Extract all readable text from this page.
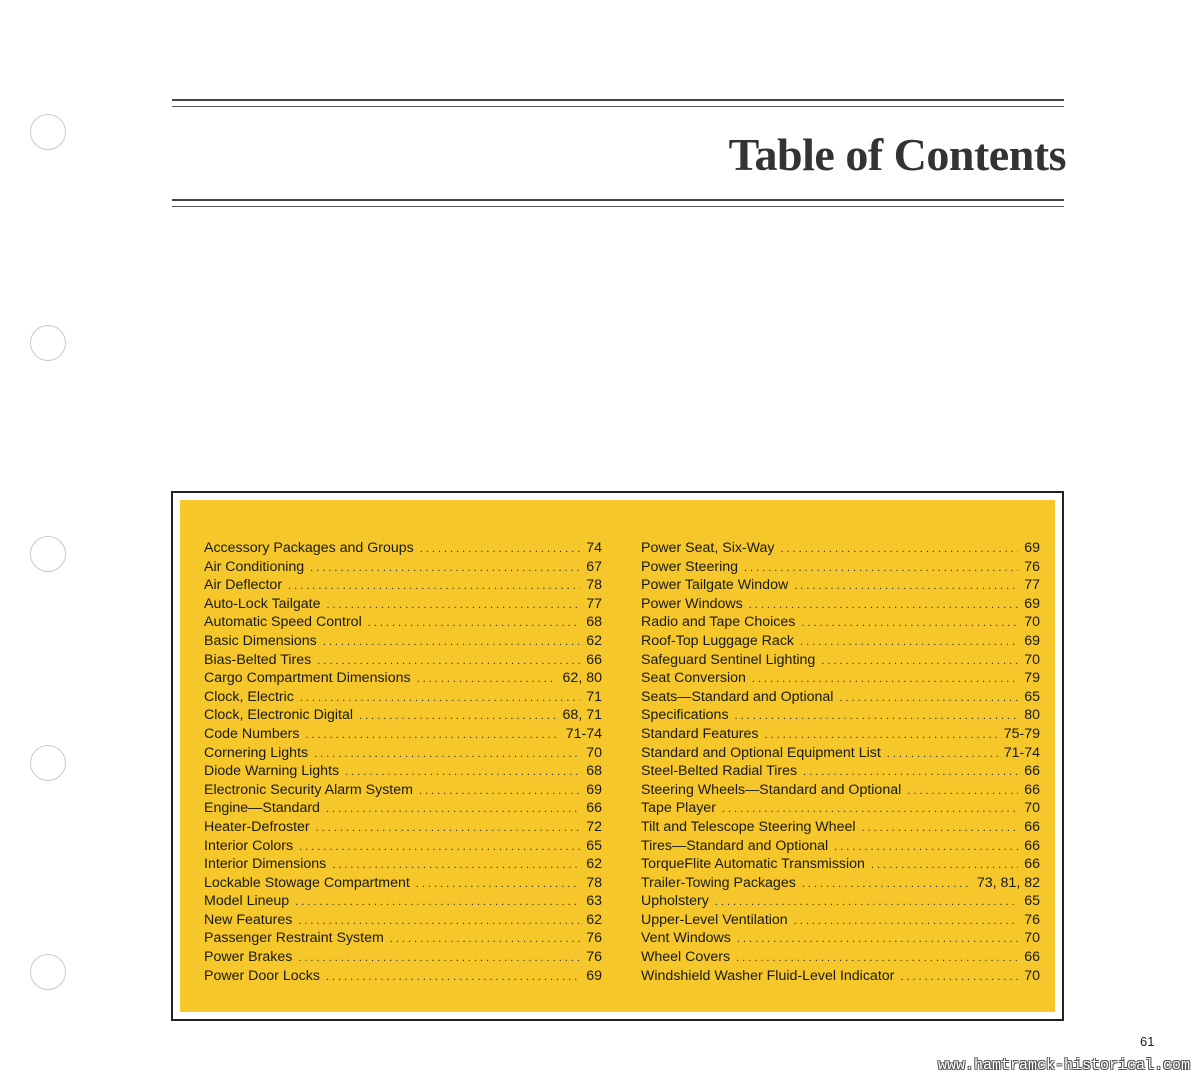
Table of Contents
Accessory Packages and Groups .....	74
Air Conditioning .....	67
Air Deflector .....	78
Auto-Lock Tailgate .....	77
Automatic Speed Control .....	68
Basic Dimensions .....	62
Bias-Belted Tires .....	66
Cargo Compartment Dimensions .....	62, 80
Clock, Electric .....	71
Clock, Electronic Digital .....	68, 71
Code Numbers .....	71-74
Cornering Lights .....	70
Diode Warning Lights .....	68
Electronic Security Alarm System .....	69
Engine—Standard .....	66
Heater-Defroster .....	72
Interior Colors .....	65
Interior Dimensions .....	62
Lockable Stowage Compartment .....	78
Model Lineup .....	63
New Features .....	62
Passenger Restraint System .....	76
Power Brakes .....	76
Power Door Locks .....	69
Power Seat, Six-Way .....	69
Power Steering .....	76
Power Tailgate Window .....	77
Power Windows .....	69
Radio and Tape Choices .....	70
Roof-Top Luggage Rack .....	69
Safeguard Sentinel Lighting .....	70
Seat Conversion .....	79
Seats—Standard and Optional .....	65
Specifications .....	80
Standard Features .....	75-79
Standard and Optional Equipment List .....	71-74
Steel-Belted Radial Tires .....	66
Steering Wheels—Standard and Optional .....	66
Tape Player .....	70
Tilt and Telescope Steering Wheel .....	66
Tires—Standard and Optional .....	66
TorqueFlite Automatic Transmission .....	66
Trailer-Towing Packages .....	73, 81, 82
Upholstery .....	65
Upper-Level Ventilation .....	76
Vent Windows .....	70
Wheel Covers .....	66
Windshield Washer Fluid-Level Indicator .....	70
61
www.hamtramck-historical.com
